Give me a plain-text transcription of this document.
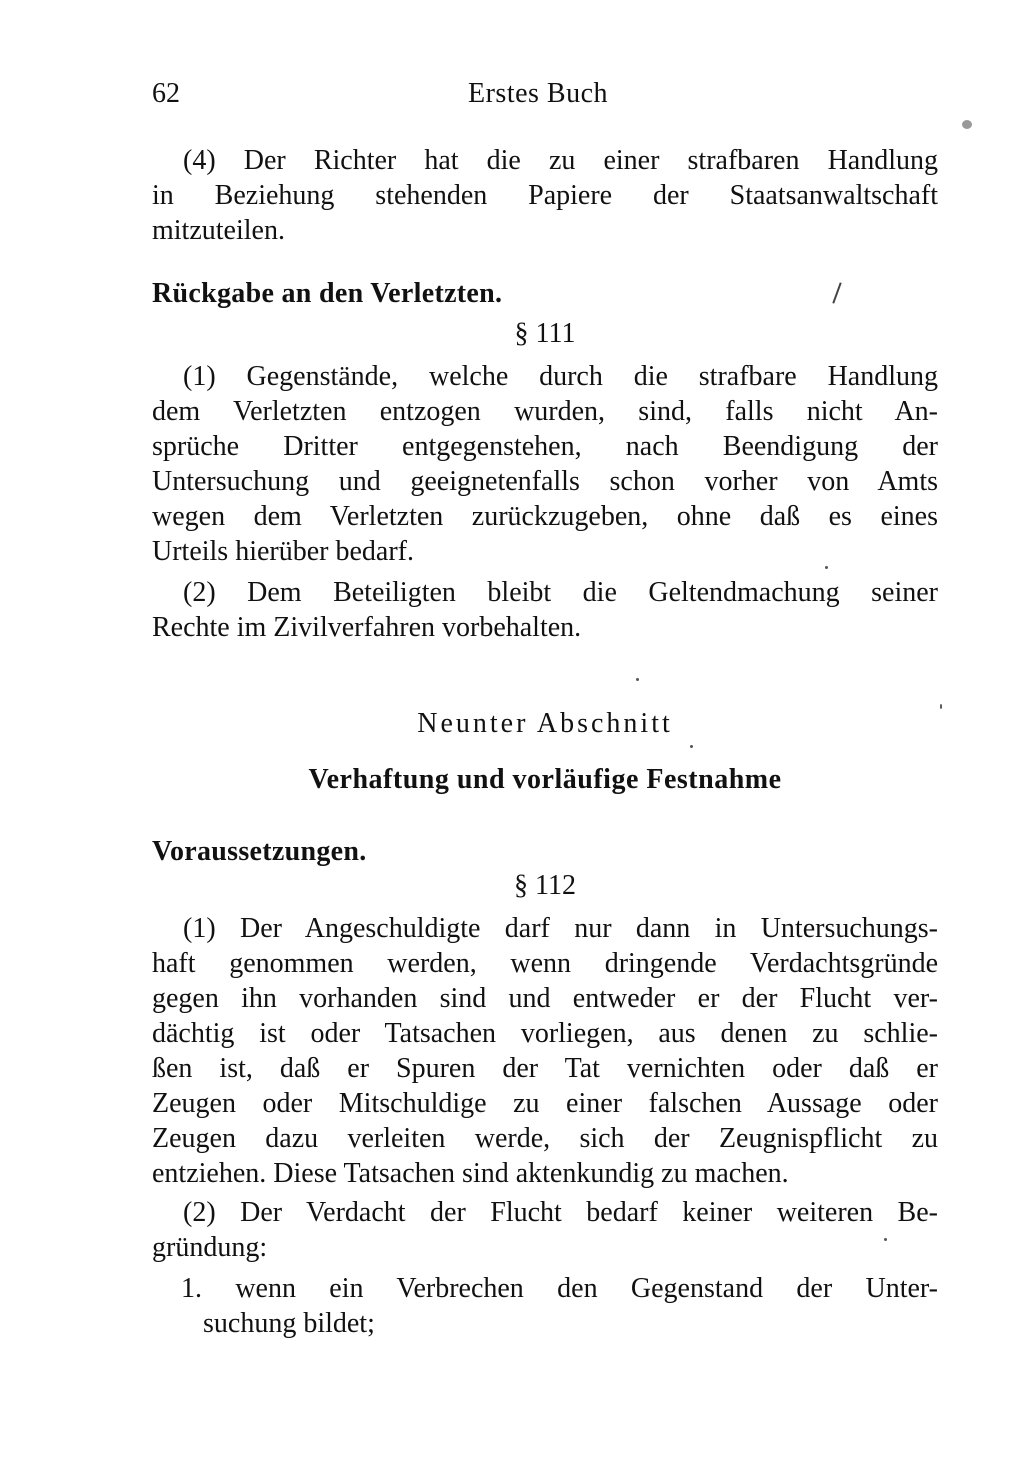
62	Erstes Buch
(4) Der Richter hat die zu einer strafbaren Handlung
in Beziehung stehenden Papiere der Staatsanwaltschaft
mitzuteilen.
Rückgabe an den Verletzten.
§ 111
(1) Gegenstände, welche durch die strafbare Handlung
dem Verletzten entzogen wurden, sind, falls nicht An-
sprüche Dritter entgegenstehen, nach Beendigung der
Untersuchung und geeignetenfalls schon vorher von Amts
wegen dem Verletzten zurückzugeben, ohne daß es eines
Urteils hierüber bedarf.
(2) Dem Beteiligten bleibt die Geltendmachung seiner
Rechte im Zivilverfahren vorbehalten.
Neunter Abschnitt
Verhaftung und vorläufige Festnahme
Voraussetzungen.
§ 112
(1) Der Angeschuldigte darf nur dann in Untersuchungs-
haft genommen werden, wenn dringende Verdachtsgründe
gegen ihn vorhanden sind und entweder er der Flucht ver-
dächtig ist oder Tatsachen vorliegen, aus denen zu schlie-
ßen ist, daß er Spuren der Tat vernichten oder daß er
Zeugen oder Mitschuldige zu einer falschen Aussage oder
Zeugen dazu verleiten werde, sich der Zeugnispflicht zu
entziehen. Diese Tatsachen sind aktenkundig zu machen.
(2) Der Verdacht der Flucht bedarf keiner weiteren Be-
gründung:
1. wenn ein Verbrechen den Gegenstand der Unter-
suchung bildet;
